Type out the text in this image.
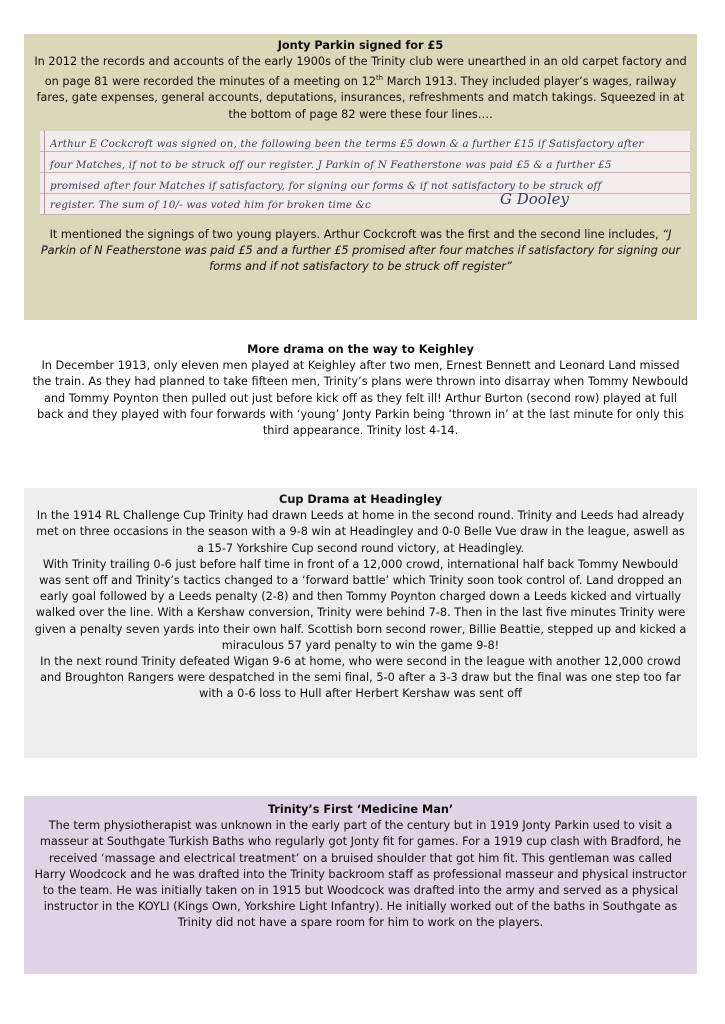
Jonty Parkin signed for £5

In 2012 the records and accounts of the early 1900s of the Trinity club were unearthed in an old carpet factory and on page 81 were recorded the minutes of a meeting on 12th March 1913. They included player’s wages, railway fares, gate expenses, general accounts, deputations, insurances, refreshments and match takings. Squeezed in at the bottom of page 82 were these four lines….

Arthur E Cockcroft was signed on, the following been the terms £5 down & a further £15 if Satisfactory after
four Matches, if not to be struck off our register. J Parkin of N Featherstone was paid £5 & a further £5
promised after four Matches if satisfactory, for signing our forms & if not satisfactory to be struck off
register. The sum of 10/- was voted him for broken time &c	G Dooley

It mentioned the signings of two young players. Arthur Cockcroft was the first and the second line includes, “J Parkin of N Featherstone was paid £5 and a further £5 promised after four matches if satisfactory for signing our forms and if not satisfactory to be struck off register”

More drama on the way to Keighley

In December 1913, only eleven men played at Keighley after two men, Ernest Bennett and Leonard Land missed the train. As they had planned to take fifteen men, Trinity’s plans were thrown into disarray when Tommy Newbould and Tommy Poynton then pulled out just before kick off as they felt ill! Arthur Burton (second row) played at full back and they played with four forwards with ‘young’ Jonty Parkin being ‘thrown in’ at the last minute for only this third appearance. Trinity lost 4-14.

Cup Drama at Headingley

In the 1914 RL Challenge Cup Trinity had drawn Leeds at home in the second round. Trinity and Leeds had already met on three occasions in the season with a 9-8 win at Headingley and 0-0 Belle Vue draw in the league, aswell as a 15-7 Yorkshire Cup second round victory, at Headingley.

With Trinity trailing 0-6 just before half time in front of a 12,000 crowd, international half back Tommy Newbould was sent off and Trinity’s tactics changed to a ‘forward battle’ which Trinity soon took control of. Land dropped an early goal followed by a Leeds penalty (2-8) and then Tommy Poynton charged down a Leeds kicked and virtually walked over the line. With a Kershaw conversion, Trinity were behind 7-8. Then in the last five minutes Trinity were given a penalty seven yards into their own half. Scottish born second rower, Billie Beattie, stepped up and kicked a miraculous 57 yard penalty to win the game 9-8!

In the next round Trinity defeated Wigan 9-6 at home, who were second in the league with another 12,000 crowd and Broughton Rangers were despatched in the semi final, 5-0 after a 3-3 draw but the final was one step too far with a 0-6 loss to Hull after Herbert Kershaw was sent off

Trinity’s First ‘Medicine Man’

The term physiotherapist was unknown in the early part of the century but in 1919 Jonty Parkin used to visit a masseur at Southgate Turkish Baths who regularly got Jonty fit for games. For a 1919 cup clash with Bradford, he received ‘massage and electrical treatment’ on a bruised shoulder that got him fit. This gentleman was called Harry Woodcock and he was drafted into the Trinity backroom staff as professional masseur and physical instructor to the team. He was initially taken on in 1915 but Woodcock was drafted into the army and served as a physical instructor in the KOYLI (Kings Own, Yorkshire Light Infantry). He initially worked out of the baths in Southgate as Trinity did not have a spare room for him to work on the players.
